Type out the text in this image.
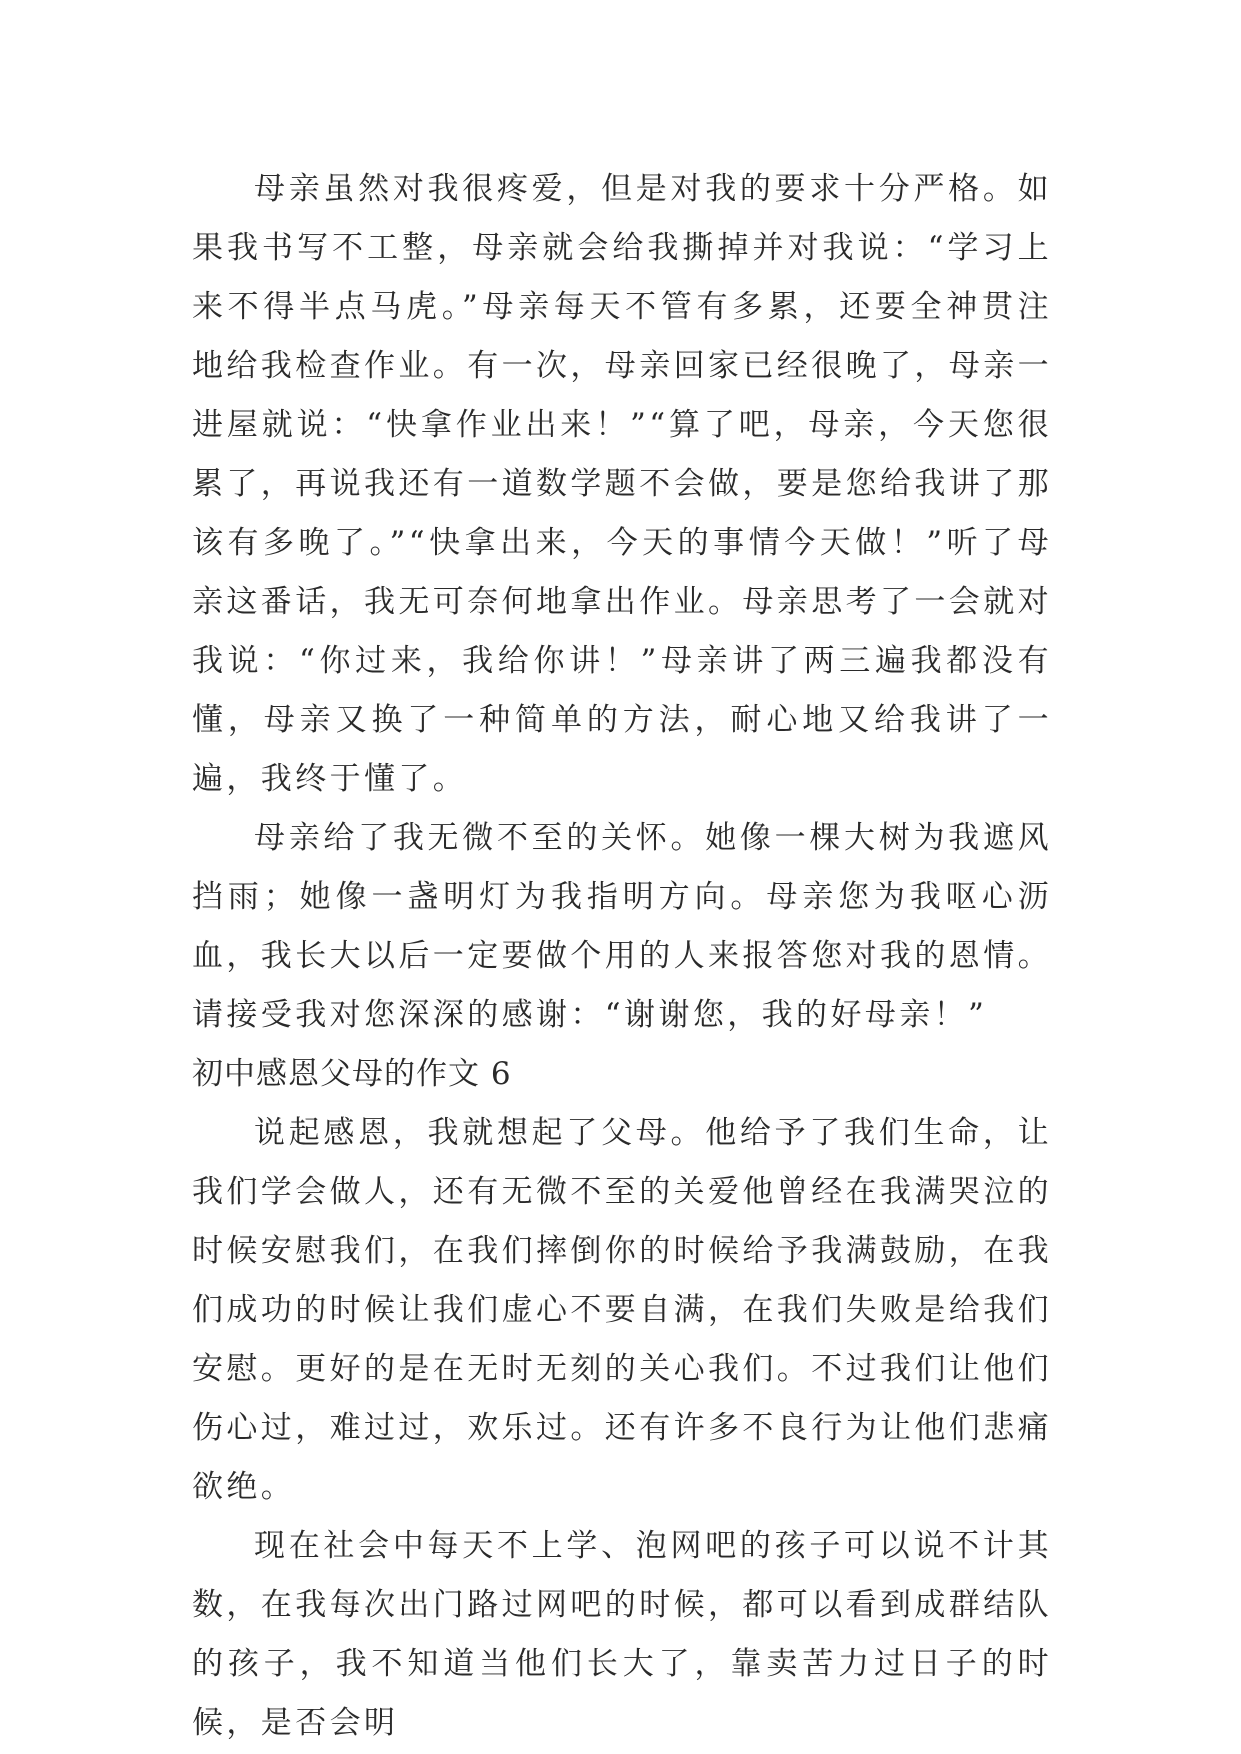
母亲虽然对我很疼爱，但是对我的要求十分严格。如果我书写不工整，母亲就会给我撕掉并对我说：“学习上来不得半点马虎。”母亲每天不管有多累，还要全神贯注地给我检查作业。有一次，母亲回家已经很晚了，母亲一进屋就说：“快拿作业出来！”“算了吧，母亲，今天您很累了，再说我还有一道数学题不会做，要是您给我讲了那该有多晚了。”“快拿出来，今天的事情今天做！”听了母亲这番话，我无可奈何地拿出作业。母亲思考了一会就对我说：“你过来，我给你讲！”母亲讲了两三遍我都没有懂，母亲又换了一种简单的方法，耐心地又给我讲了一遍，我终于懂了。

母亲给了我无微不至的关怀。她像一棵大树为我遮风挡雨；她像一盏明灯为我指明方向。母亲您为我呕心沥血，我长大以后一定要做个用的人来报答您对我的恩情。请接受我对您深深的感谢：“谢谢您，我的好母亲！”

初中感恩父母的作文 6

说起感恩，我就想起了父母。他给予了我们生命，让我们学会做人，还有无微不至的关爱他曾经在我满哭泣的时候安慰我们，在我们摔倒你的时候给予我满鼓励，在我们成功的时候让我们虚心不要自满，在我们失败是给我们安慰。更好的是在无时无刻的关心我们。不过我们让他们伤心过，难过过，欢乐过。还有许多不良行为让他们悲痛欲绝。

现在社会中每天不上学、泡网吧的孩子可以说不计其数，在我每次出门路过网吧的时候，都可以看到成群结队的孩子，我不知道当他们长大了，靠卖苦力过日子的时候，是否会明
